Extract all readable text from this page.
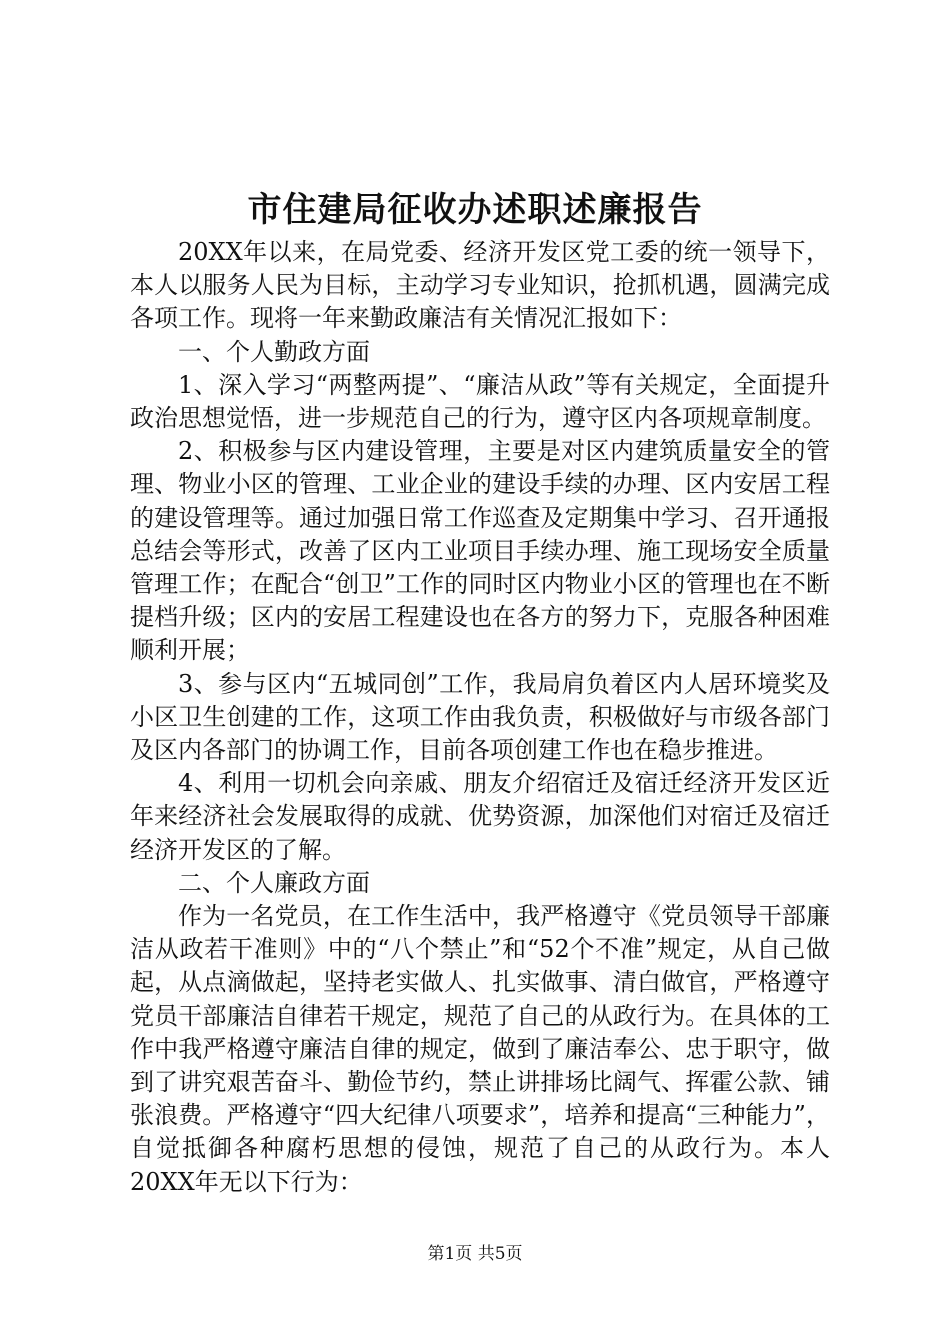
市住建局征收办述职述廉报告

20XX年以来，在局党委、经济开发区党工委的统一领导下，本人以服务人民为目标，主动学习专业知识，抢抓机遇，圆满完成各项工作。现将一年来勤政廉洁有关情况汇报如下：

一、个人勤政方面

1、深入学习“两整两提”、“廉洁从政”等有关规定，全面提升政治思想觉悟，进一步规范自己的行为，遵守区内各项规章制度。

2、积极参与区内建设管理，主要是对区内建筑质量安全的管理、物业小区的管理、工业企业的建设手续的办理、区内安居工程的建设管理等。通过加强日常工作巡查及定期集中学习、召开通报总结会等形式，改善了区内工业项目手续办理、施工现场安全质量管理工作；在配合“创卫”工作的同时区内物业小区的管理也在不断提档升级；区内的安居工程建设也在各方的努力下，克服各种困难顺利开展；

3、参与区内“五城同创”工作，我局肩负着区内人居环境奖及小区卫生创建的工作，这项工作由我负责，积极做好与市级各部门及区内各部门的协调工作，目前各项创建工作也在稳步推进。

4、利用一切机会向亲戚、朋友介绍宿迁及宿迁经济开发区近年来经济社会发展取得的成就、优势资源，加深他们对宿迁及宿迁经济开发区的了解。

二、个人廉政方面

作为一名党员，在工作生活中，我严格遵守《党员领导干部廉洁从政若干准则》中的“八个禁止”和“52个不准”规定，从自己做起，从点滴做起，坚持老实做人、扎实做事、清白做官，严格遵守党员干部廉洁自律若干规定，规范了自己的从政行为。在具体的工作中我严格遵守廉洁自律的规定，做到了廉洁奉公、忠于职守，做到了讲究艰苦奋斗、勤俭节约，禁止讲排场比阔气、挥霍公款、铺张浪费。严格遵守“四大纪律八项要求”，培养和提高“三种能力”，自觉抵御各种腐朽思想的侵蚀，规范了自己的从政行为。本人20XX年无以下行为：

第1页 共5页
